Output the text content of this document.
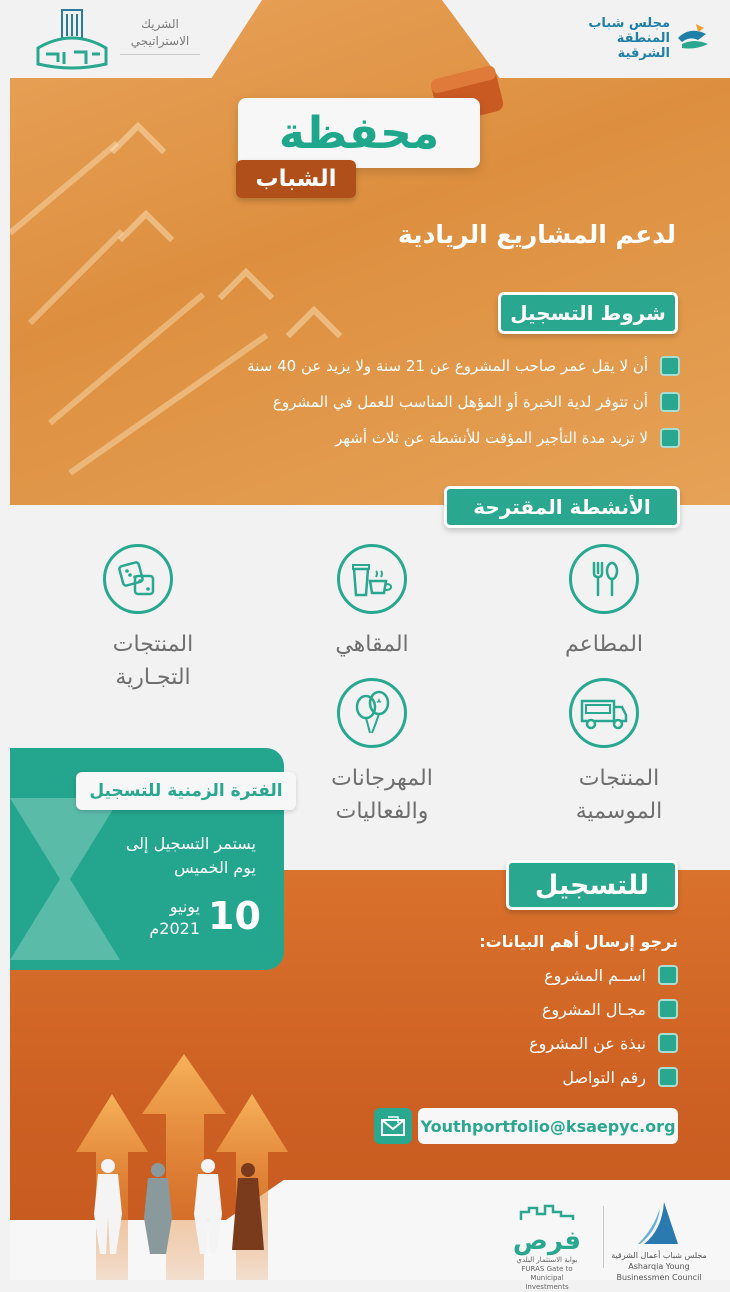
مجلس شباب
المنطقة الشرقية
الشريك
الاستراتيجي
محفظة
الشباب
لدعم المشاريع الريادية
شروط التسجيل
أن لا يقل عمر صاحب المشروع عن 21 سنة ولا يزيد عن 40 سنة
أن تتوفر لدية الخبرة أو المؤهل المناسب للعمل في المشروع
لا تزيد مدة التأجير المؤقت للأنشطة عن ثلاث أشهر
الأنشطة المقترحة
المطاعم
المقاهي
المنتجات التجـارية
المنتجات الموسمية
المهرجانات والفعاليات
الفترة الزمنية للتسجيل
يستمر التسجيل إلى
يوم الخميس
10
يونيو
2021م
للتسجيل
نرجو إرسال أهم البيانات:
اســم المشروع
مجـال المشروع
نبذة عن المشروع
رقم التواصل
Youthportfolio@ksaepyc.org
مجلس شباب أعمال الشرقية
Asharqia Young Businessmen Council
فرص
بوابة الاستثمار البلدي
FURAS Gate to Municipal Investments
